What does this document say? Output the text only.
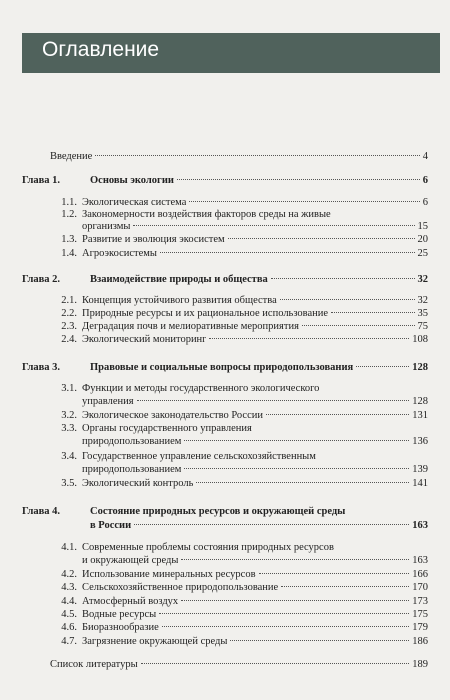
Оглавление
Введение	4
Глава 1.	Основы экологии	6
1.1. Экологическая система	6
1.2. Закономерности воздействия факторов среды на живые
организмы	15
1.3. Развитие и эволюция экосистем	20
1.4. Агроэкосистемы	25
Глава 2.	Взаимодействие природы и общества	32
2.1. Концепция устойчивого развития общества	32
2.2. Природные ресурсы и их рациональное использование	35
2.3. Деградация почв и мелиоративные мероприятия	75
2.4. Экологический мониторинг	108
Глава 3.	Правовые и социальные вопросы природопользования	128
3.1. Функции и методы государственного экологического
управления	128
3.2. Экологическое законодательство России	131
3.3. Органы государственного управления
природопользованием	136
3.4. Государственное управление сельскохозяйственным
природопользованием	139
3.5. Экологический контроль	141
Глава 4.	Состояние природных ресурсов и окружающей среды
в России	163
4.1. Современные проблемы состояния природных ресурсов
и окружающей среды	163
4.2. Использование минеральных ресурсов	166
4.3. Сельскохозяйственное природопользование	170
4.4. Атмосферный воздух	173
4.5. Водные ресурсы	175
4.6. Биоразнообразие	179
4.7. Загрязнение окружающей среды	186
Список литературы	189
